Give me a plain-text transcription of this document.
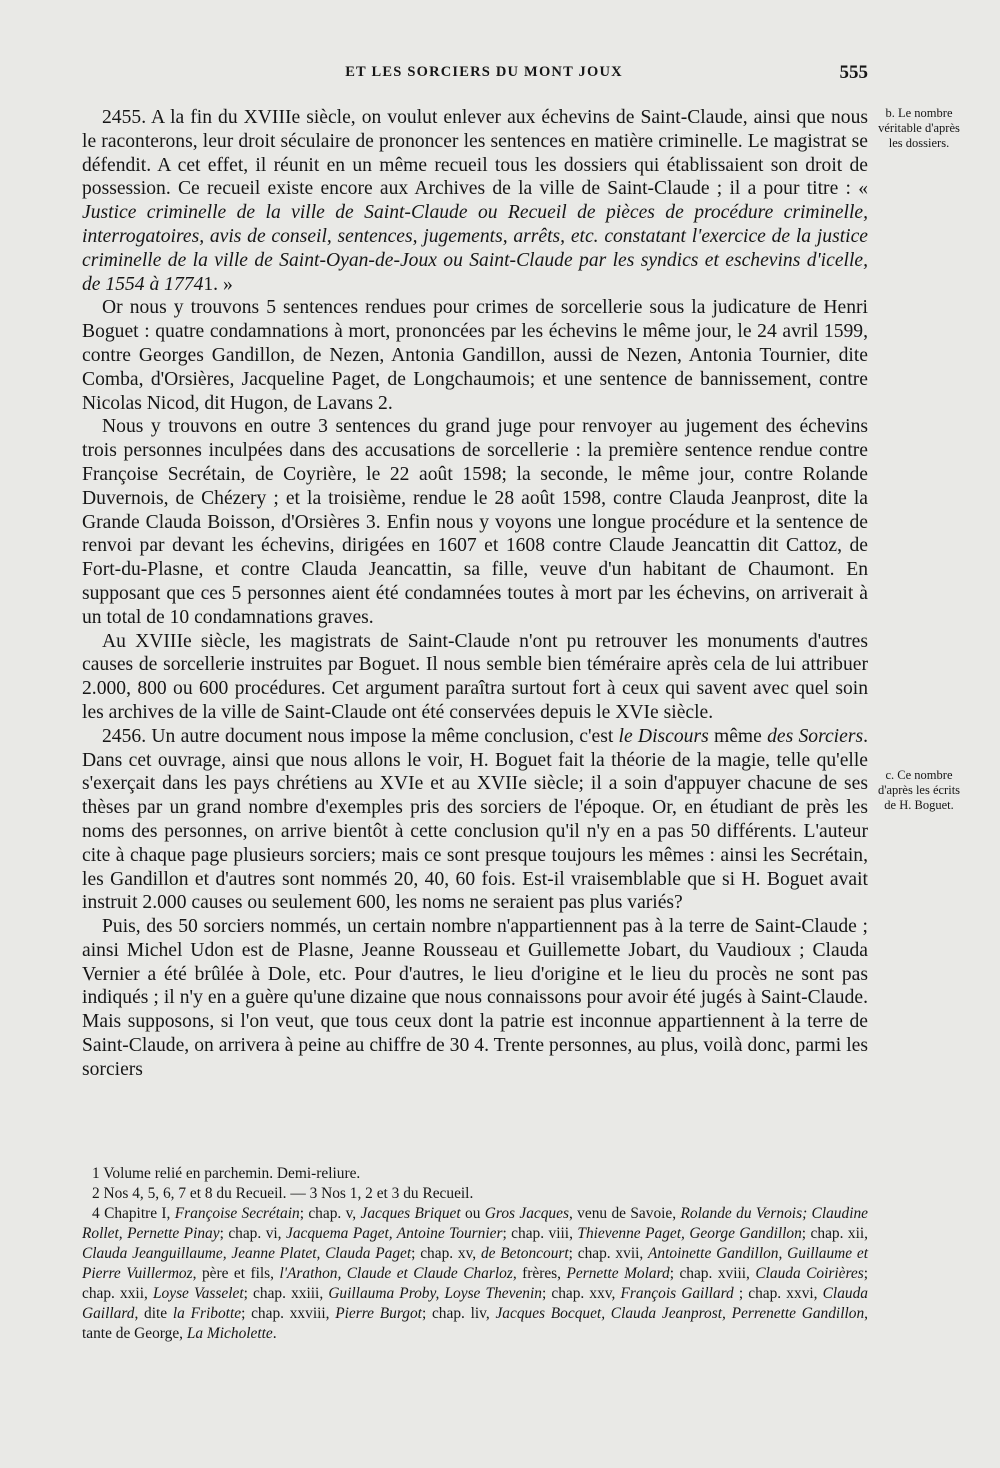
ET LES SORCIERS DU MONT JOUX	555
b. Le nombre véritable d'après les dossiers.
c. Ce nombre d'après les écrits de H. Boguet.

2455. A la fin du XVIIIe siècle, on voulut enlever aux échevins de Saint-Claude, ainsi que nous le raconterons, leur droit séculaire de prononcer les sentences en matière criminelle. Le magistrat se défendit. A cet effet, il réunit en un même recueil tous les dossiers qui établissaient son droit de possession. Ce recueil existe encore aux Archives de la ville de Saint-Claude ; il a pour titre : « Justice criminelle de la ville de Saint-Claude ou Recueil de pièces de procédure criminelle, interrogatoires, avis de conseil, sentences, jugements, arrêts, etc. constatant l'exercice de la justice criminelle de la ville de Saint-Oyan-de-Joux ou Saint-Claude par les syndics et eschevins d'icelle, de 1554 à 17741. »

Or nous y trouvons 5 sentences rendues pour crimes de sorcellerie sous la judicature de Henri Boguet : quatre condamnations à mort, prononcées par les échevins le même jour, le 24 avril 1599, contre Georges Gandillon, de Nezen, Antonia Gandillon, aussi de Nezen, Antonia Tournier, dite Comba, d'Orsières, Jacqueline Paget, de Longchaumois; et une sentence de bannissement, contre Nicolas Nicod, dit Hugon, de Lavans 2.

Nous y trouvons en outre 3 sentences du grand juge pour renvoyer au jugement des échevins trois personnes inculpées dans des accusations de sorcellerie : la première sentence rendue contre Françoise Secrétain, de Coyrière, le 22 août 1598; la seconde, le même jour, contre Rolande Duvernois, de Chézery ; et la troisième, rendue le 28 août 1598, contre Clauda Jeanprost, dite la Grande Clauda Boisson, d'Orsières 3. Enfin nous y voyons une longue procédure et la sentence de renvoi par devant les échevins, dirigées en 1607 et 1608 contre Claude Jeancattin dit Cattoz, de Fort-du-Plasne, et contre Clauda Jeancattin, sa fille, veuve d'un habitant de Chaumont. En supposant que ces 5 personnes aient été condamnées toutes à mort par les échevins, on arriverait à un total de 10 condamnations graves.

Au XVIIIe siècle, les magistrats de Saint-Claude n'ont pu retrouver les monuments d'autres causes de sorcellerie instruites par Boguet. Il nous semble bien téméraire après cela de lui attribuer 2.000, 800 ou 600 procédures. Cet argument paraîtra surtout fort à ceux qui savent avec quel soin les archives de la ville de Saint-Claude ont été conservées depuis le XVIe siècle.

2456. Un autre document nous impose la même conclusion, c'est le Discours même des Sorciers. Dans cet ouvrage, ainsi que nous allons le voir, H. Boguet fait la théorie de la magie, telle qu'elle s'exerçait dans les pays chrétiens au XVIe et au XVIIe siècle; il a soin d'appuyer chacune de ses thèses par un grand nombre d'exemples pris des sorciers de l'époque. Or, en étudiant de près les noms des personnes, on arrive bientôt à cette conclusion qu'il n'y en a pas 50 différents. L'auteur cite à chaque page plusieurs sorciers; mais ce sont presque toujours les mêmes : ainsi les Secrétain, les Gandillon et d'autres sont nommés 20, 40, 60 fois. Est-il vraisemblable que si H. Boguet avait instruit 2.000 causes ou seulement 600, les noms ne seraient pas plus variés?

Puis, des 50 sorciers nommés, un certain nombre n'appartiennent pas à la terre de Saint-Claude ; ainsi Michel Udon est de Plasne, Jeanne Rousseau et Guillemette Jobart, du Vaudioux ; Clauda Vernier a été brûlée à Dole, etc. Pour d'autres, le lieu d'origine et le lieu du procès ne sont pas indiqués ; il n'y en a guère qu'une dizaine que nous connaissons pour avoir été jugés à Saint-Claude. Mais supposons, si l'on veut, que tous ceux dont la patrie est inconnue appartiennent à la terre de Saint-Claude, on arrivera à peine au chiffre de 30 4. Trente personnes, au plus, voilà donc, parmi les sorciers

1 Volume relié en parchemin. Demi-reliure.

2 Nos 4, 5, 6, 7 et 8 du Recueil. — 3 Nos 1, 2 et 3 du Recueil.

4 Chapitre I, Françoise Secrétain; chap. v, Jacques Briquet ou Gros Jacques, venu de Savoie, Rolande du Vernois; Claudine Rollet, Pernette Pinay; chap. vi, Jacquema Paget, Antoine Tournier; chap. viii, Thievenne Paget, George Gandillon; chap. xii, Clauda Jeanguillaume, Jeanne Platet, Clauda Paget; chap. xv, de Betoncourt; chap. xvii, Antoinette Gandillon, Guillaume et Pierre Vuillermoz, père et fils, l'Arathon, Claude et Claude Charloz, frères, Pernette Molard; chap. xviii, Clauda Coirières; chap. xxii, Loyse Vasselet; chap. xxiii, Guillauma Proby, Loyse Thevenin; chap. xxv, François Gaillard ; chap. xxvi, Clauda Gaillard, dite la Fribotte; chap. xxviii, Pierre Burgot; chap. liv, Jacques Bocquet, Clauda Jeanprost, Perrenette Gandillon, tante de George, La Micholette.
